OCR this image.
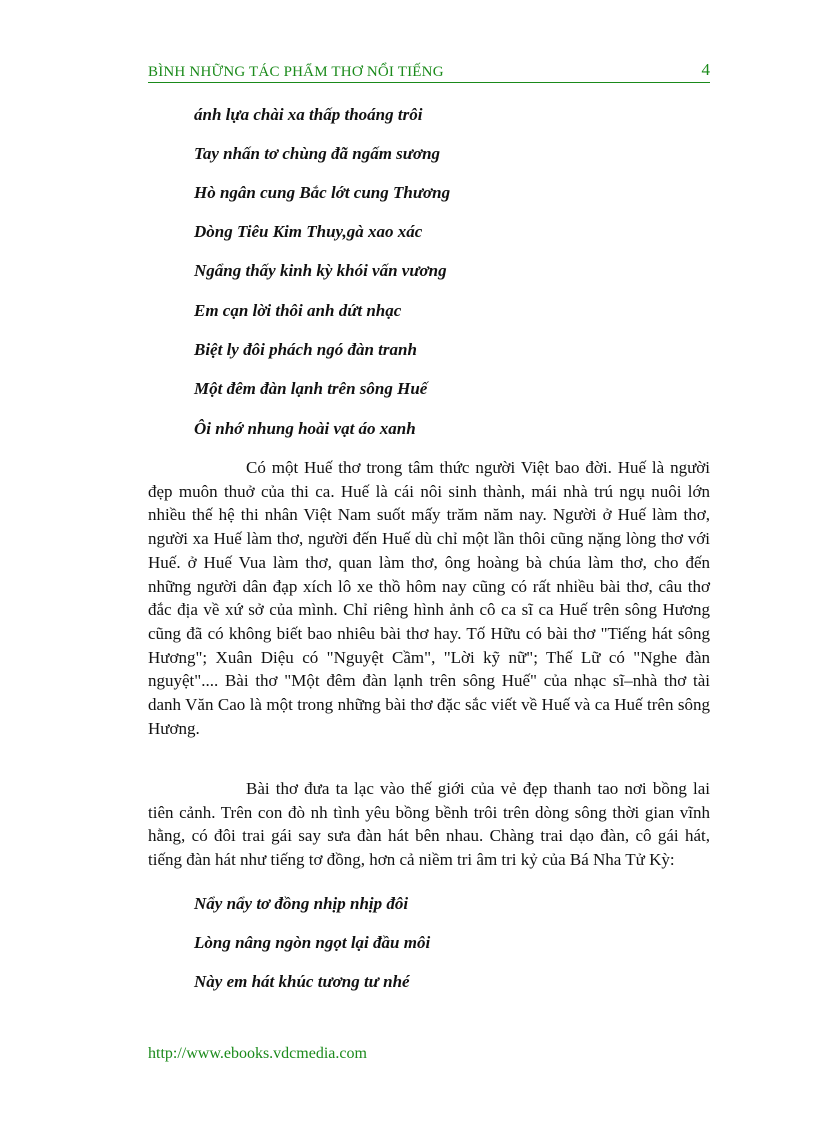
BÌNH NHỮNG TÁC PHẨM THƠ NỔI TIẾNG	4
ánh lựa chài xa thấp thoáng trôi
Tay nhấn tơ chùng đã ngấm sương
Hò ngân cung Bắc lớt cung Thương
Dòng Tiêu Kim Thuy,gà xao xác
Ngẩng thấy kinh kỳ khói vấn vương
Em cạn lời thôi anh dứt nhạc
Biệt ly đôi phách ngó đàn tranh
Một đêm đàn lạnh trên sông Huế
Ôi nhớ nhung hoài vạt áo xanh

Có một Huế thơ trong tâm thức người Việt bao đời. Huế là người đẹp muôn thuở của thi ca. Huế là cái nôi sinh thành, mái nhà trú ngụ nuôi lớn nhiều thế hệ thi nhân Việt Nam suốt mấy trăm năm nay. Người ở Huế làm thơ, người xa Huế làm thơ, người đến Huế dù chỉ một lần thôi cũng nặng lòng thơ với Huế. ở Huế Vua làm thơ, quan làm thơ, ông hoàng bà chúa làm thơ, cho đến những người dân đạp xích lô xe thồ hôm nay cũng có rất nhiều bài thơ, câu thơ đắc địa về xứ sở của mình. Chỉ riêng hình ảnh cô ca sĩ ca Huế trên sông Hương cũng đã có không biết bao nhiêu bài thơ hay. Tố Hữu có bài thơ "Tiếng hát sông Hương"; Xuân Diệu có "Nguyệt Cầm", "Lời kỹ nữ"; Thế Lữ có "Nghe đàn nguyệt".... Bài thơ "Một đêm đàn lạnh trên sông Huế" của nhạc sĩ–nhà thơ tài danh Văn Cao là một trong những bài thơ đặc sắc viết về Huế và ca Huế trên sông Hương.

Bài thơ đưa ta lạc vào thế giới của vẻ đẹp thanh tao nơi bồng lai tiên cảnh. Trên con đò nh tình yêu bồng bềnh trôi trên dòng sông thời gian vĩnh hằng, có đôi trai gái say sưa đàn hát bên nhau. Chàng trai dạo đàn, cô gái hát, tiếng đàn hát như tiếng tơ đồng, hơn cả niềm tri âm tri kỷ của Bá Nha Tử Kỳ:

Nẩy nẩy tơ đồng nhịp nhịp đôi
Lòng nâng ngòn ngọt lại đầu môi
Này em hát khúc tương tư nhé
http://www.ebooks.vdcmedia.com
